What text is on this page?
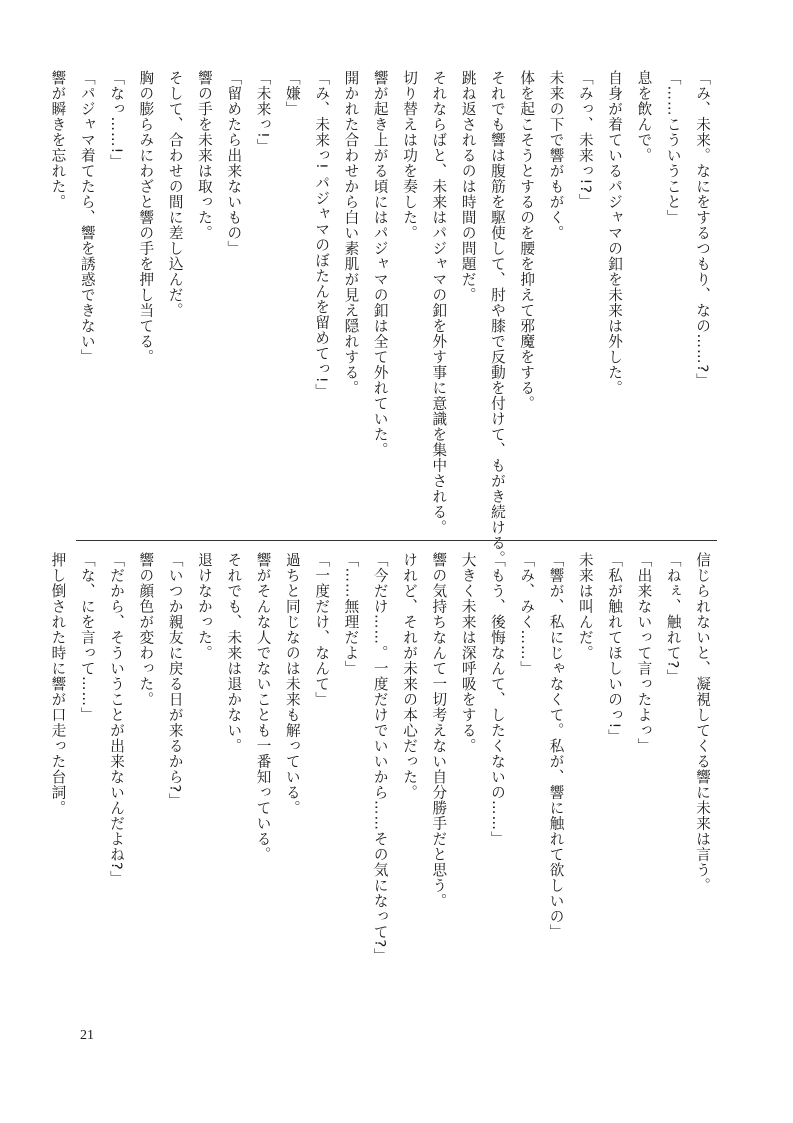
「み、未来。なにをするつもり、なの……?」
「……こういうこと」
息を飲んで。
自身が着ているパジャマの釦を未来は外した。
「みっ、未来っ!?」
未来の下で響がもがく。
体を起こそうとするのを腰を抑えて邪魔をする。
それでも響は腹筋を駆使して、肘や膝で反動を付けて、もがき続ける。
跳ね返されるのは時間の問題だ。
それならばと、未来はパジャマの釦を外す事に意識を集中される。
切り替えは功を奏した。
響が起き上がる頃にはパジャマの釦は全て外れていた。
開かれた合わせから白い素肌が見え隠れする。
「み、未来っ! パジャマのぼたんを留めてっ!」
「嫌」
「未来っ!」
「留めたら出来ないもの」
響の手を未来は取った。
そして、合わせの間に差し込んだ。
胸の膨らみにわざと響の手を押し当てる。
「なっ……!」
「パジャマ着てたら、響を誘惑できない」
響が瞬きを忘れた。
信じられないと、凝視してくる響に未来は言う。
「ねぇ、触れて?」
「出来ないって言ったよっ」
「私が触れてほしいのっ!」
未来は叫んだ。
「響が、私にじゃなくて。私が、響に触れて欲しいの」
「み、みく……」
「もう、後悔なんて、したくないの……」
大きく未来は深呼吸をする。
響の気持ちなんて一切考えない自分勝手だと思う。
けれど、それが未来の本心だった。
「今だけ……。一度だけでいいから……その気になって?」
「……無理だよ」
「一度だけ、なんて」
過ちと同じなのは未来も解っている。
響がそんな人でないことも一番知っている。
それでも、未来は退かない。
退けなかった。
「いつか親友に戻る日が来るから?」
響の顔色が変わった。
「だから、そういうことが出来ないんだよね?」
「な、にを言って……」
押し倒された時に響が口走った台詞。
21
